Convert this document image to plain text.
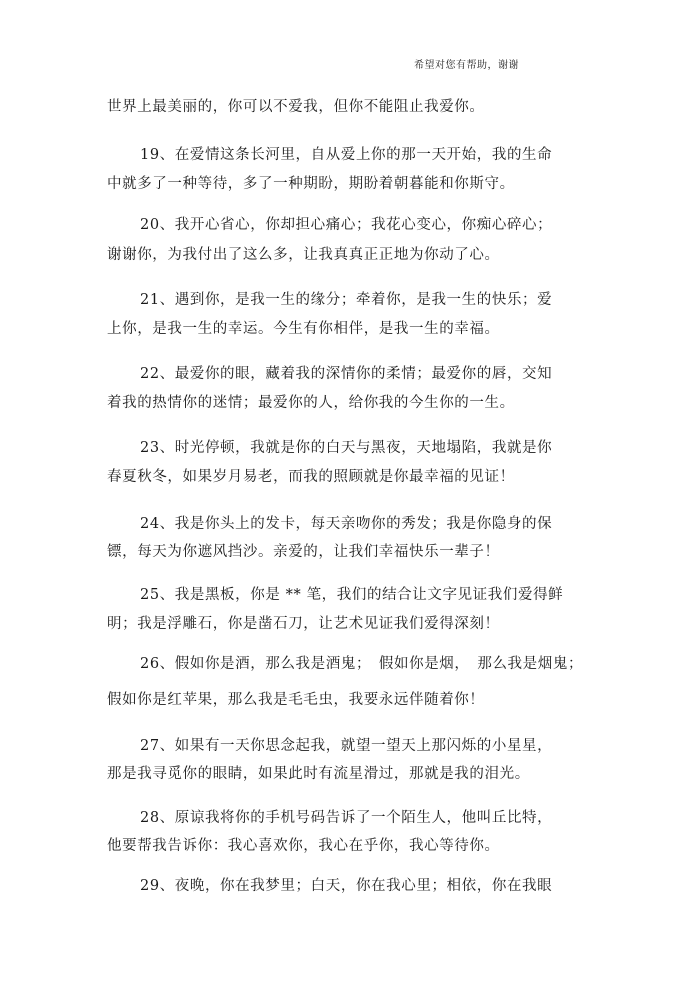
希望对您有帮助，谢谢
世界上最美丽的，你可以不爱我，但你不能阻止我爱你。
19、在爱情这条长河里，自从爱上你的那一天开始，我的生命
中就多了一种等待，多了一种期盼，期盼着朝暮能和你斯守。
20、我开心省心，你却担心痛心；我花心变心，你痴心碎心；
谢谢你，为我付出了这么多，让我真真正正地为你动了心。
21、遇到你，是我一生的缘分；牵着你，是我一生的快乐；爱
上你，是我一生的幸运。今生有你相伴，是我一生的幸福。
22、最爱你的眼，藏着我的深情你的柔情；最爱你的唇，交知
着我的热情你的迷情；最爱你的人，给你我的今生你的一生。
23、时光停顿，我就是你的白天与黑夜，天地塌陷，我就是你
春夏秋冬，如果岁月易老，而我的照顾就是你最幸福的见证！
24、我是你头上的发卡，每天亲吻你的秀发；我是你隐身的保
镖，每天为你遮风挡沙。亲爱的，让我们幸福快乐一辈子！
25、我是黑板，你是 ** 笔，我们的结合让文字见证我们爱得鲜
明；我是浮雕石，你是凿石刀，让艺术见证我们爱得深刻！
26、假如你是酒，那么我是酒鬼；　假如你是烟，　那么我是烟鬼；
假如你是红苹果，那么我是毛毛虫，我要永远伴随着你！
27、如果有一天你思念起我，就望一望天上那闪烁的小星星，
那是我寻觅你的眼睛，如果此时有流星滑过，那就是我的泪光。
28、原谅我将你的手机号码告诉了一个陌生人，他叫丘比特，
他要帮我告诉你：我心喜欢你，我心在乎你，我心等待你。
29、夜晚，你在我梦里；白天，你在我心里；相依，你在我眼
